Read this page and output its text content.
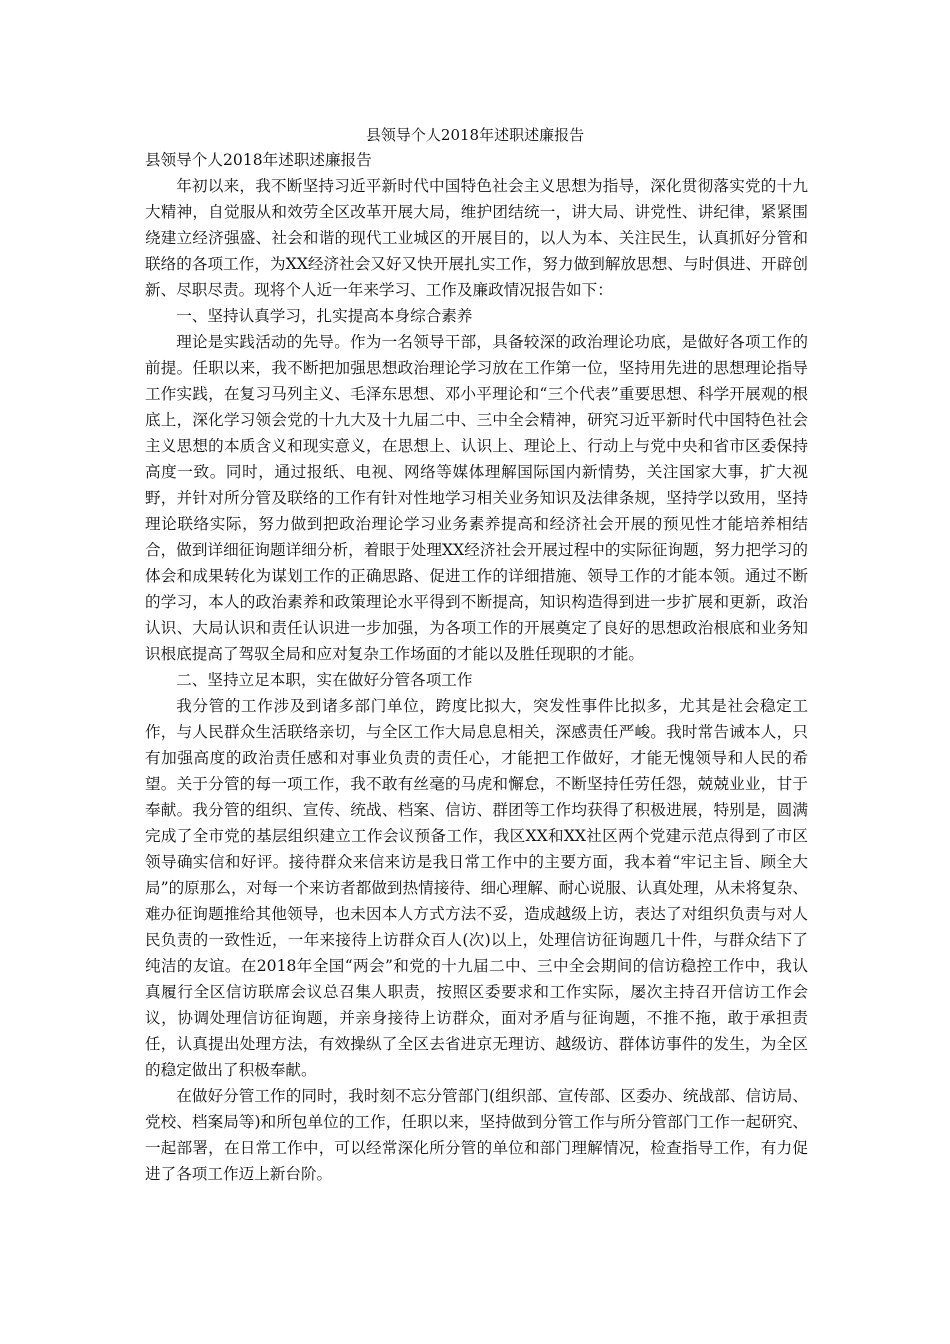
县领导个人2018年述职述廉报告

县领导个人2018年述职述廉报告

年初以来，我不断坚持习近平新时代中国特色社会主义思想为指导，深化贯彻落实党的十九大精神，自觉服从和效劳全区改革开展大局，维护团结统一，讲大局、讲党性、讲纪律，紧紧围绕建立经济强盛、社会和谐的现代工业城区的开展目的，以人为本、关注民生，认真抓好分管和联络的各项工作，为XX经济社会又好又快开展扎实工作，努力做到解放思想、与时俱进、开辟创新、尽职尽责。现将个人近一年来学习、工作及廉政情况报告如下：

一、坚持认真学习，扎实提高本身综合素养

理论是实践活动的先导。作为一名领导干部，具备较深的政治理论功底，是做好各项工作的前提。任职以来，我不断把加强思想政治理论学习放在工作第一位，坚持用先进的思想理论指导工作实践，在复习马列主义、毛泽东思想、邓小平理论和“三个代表”重要思想、科学开展观的根底上，深化学习领会党的十九大及十九届二中、三中全会精神，研究习近平新时代中国特色社会主义思想的本质含义和现实意义，在思想上、认识上、理论上、行动上与党中央和省市区委保持高度一致。同时，通过报纸、电视、网络等媒体理解国际国内新情势，关注国家大事，扩大视野，并针对所分管及联络的工作有针对性地学习相关业务知识及法律条规，坚持学以致用，坚持理论联络实际，努力做到把政治理论学习业务素养提高和经济社会开展的预见性才能培养相结合，做到详细征询题详细分析，着眼于处理XX经济社会开展过程中的实际征询题，努力把学习的体会和成果转化为谋划工作的正确思路、促进工作的详细措施、领导工作的才能本领。通过不断的学习，本人的政治素养和政策理论水平得到不断提高，知识构造得到进一步扩展和更新，政治认识、大局认识和责任认识进一步加强，为各项工作的开展奠定了良好的思想政治根底和业务知识根底提高了驾驭全局和应对复杂工作场面的才能以及胜任现职的才能。

二、坚持立足本职，实在做好分管各项工作

我分管的工作涉及到诸多部门单位，跨度比拟大，突发性事件比拟多，尤其是社会稳定工作，与人民群众生活联络亲切，与全区工作大局息息相关，深感责任严峻。我时常告诫本人，只有加强高度的政治责任感和对事业负责的责任心，才能把工作做好，才能无愧领导和人民的希望。关于分管的每一项工作，我不敢有丝毫的马虎和懈怠，不断坚持任劳任怨，兢兢业业，甘于奉献。我分管的组织、宣传、统战、档案、信访、群团等工作均获得了积极进展，特别是，圆满完成了全市党的基层组织建立工作会议预备工作，我区XX和XX社区两个党建示范点得到了市区领导确实信和好评。接待群众来信来访是我日常工作中的主要方面，我本着“牢记主旨、顾全大局”的原那么，对每一个来访者都做到热情接待、细心理解、耐心说服、认真处理，从未将复杂、难办征询题推给其他领导，也未因本人方式方法不妥，造成越级上访，表达了对组织负责与对人民负责的一致性近，一年来接待上访群众百人(次)以上，处理信访征询题几十件，与群众结下了纯洁的友谊。在2018年全国“两会”和党的十九届二中、三中全会期间的信访稳控工作中，我认真履行全区信访联席会议总召集人职责，按照区委要求和工作实际，屡次主持召开信访工作会议，协调处理信访征询题，并亲身接待上访群众，面对矛盾与征询题，不推不拖，敢于承担责任，认真提出处理方法，有效操纵了全区去省进京无理访、越级访、群体访事件的发生，为全区的稳定做出了积极奉献。

在做好分管工作的同时，我时刻不忘分管部门(组织部、宣传部、区委办、统战部、信访局、党校、档案局等)和所包单位的工作，任职以来，坚持做到分管工作与所分管部门工作一起研究、一起部署，在日常工作中，可以经常深化所分管的单位和部门理解情况，检查指导工作，有力促进了各项工作迈上新台阶。
